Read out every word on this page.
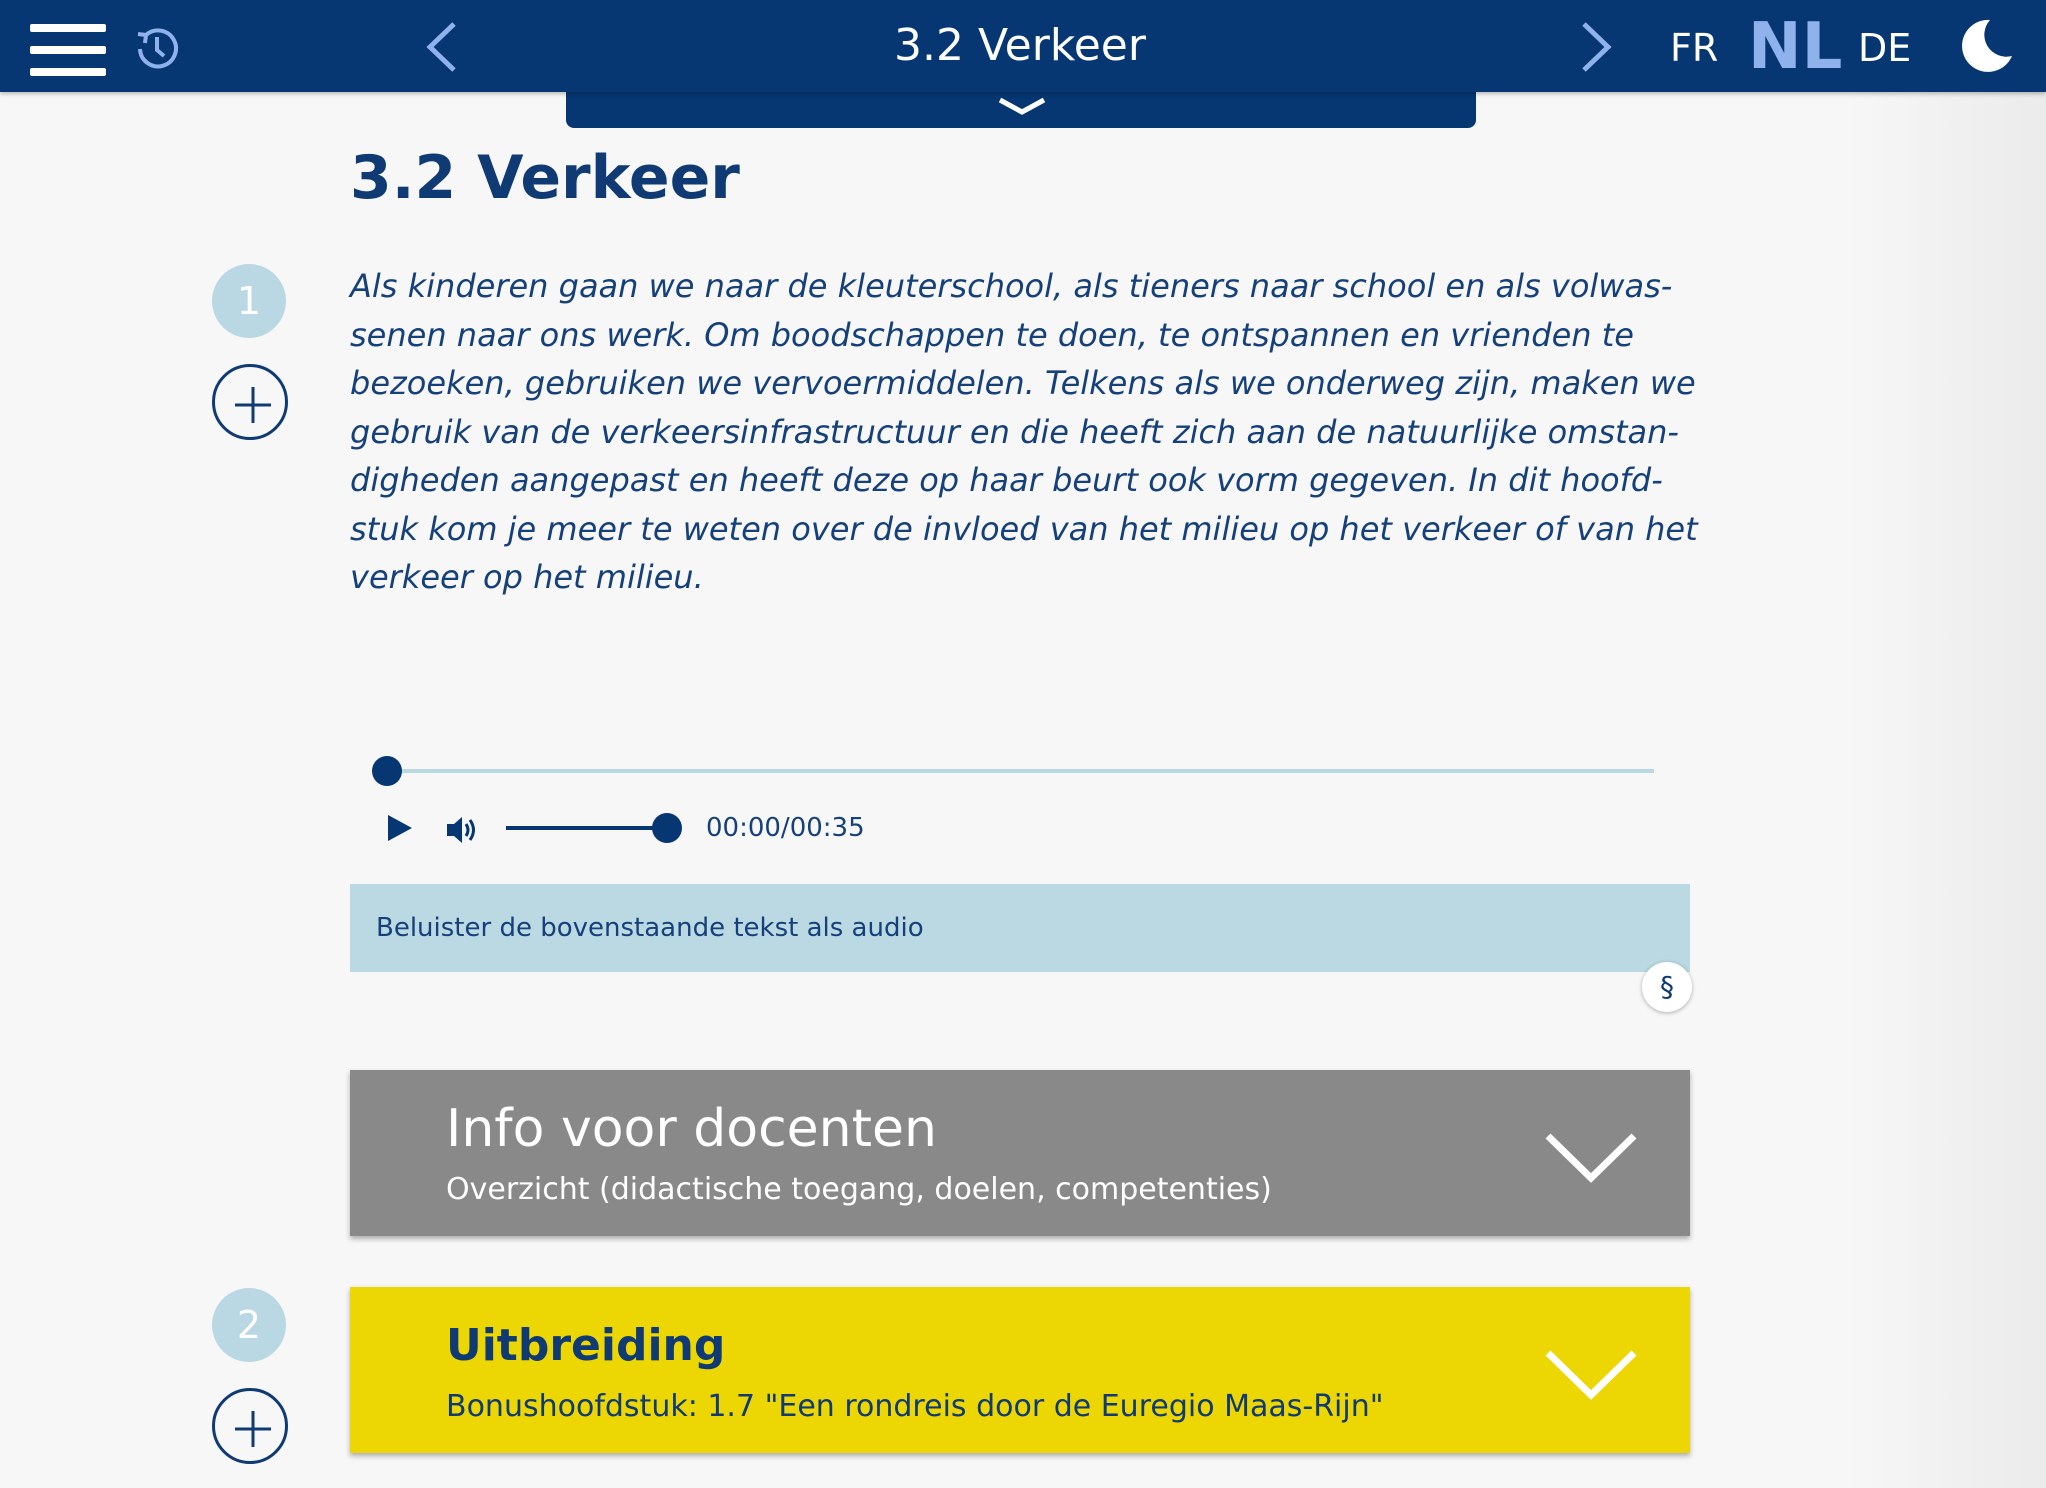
3.2 Verkeer	FR NL DE
3.2 Verkeer
1	Als kinderen gaan we naar de kleuterschool, als tieners naar school en als volwas-
senen naar ons werk. Om boodschappen te doen, te ontspannen en vrienden te
bezoeken, gebruiken we vervoermiddelen. Telkens als we onderweg zijn, maken we
gebruik van de verkeersinfrastructuur en die heeft zich aan de natuurlijke omstan-
digheden aangepast en heeft deze op haar beurt ook vorm gegeven. In dit hoofd-
stuk kom je meer te weten over de invloed van het milieu op het verkeer of van het
verkeer op het milieu.
00:00/00:35
Beluister de bovenstaande tekst als audio
§
Info voor docenten
Overzicht (didactische toegang, doelen, competenties)
2	Uitbreiding
Bonushoofdstuk: 1.7 "Een rondreis door de Euregio Maas-Rijn"
